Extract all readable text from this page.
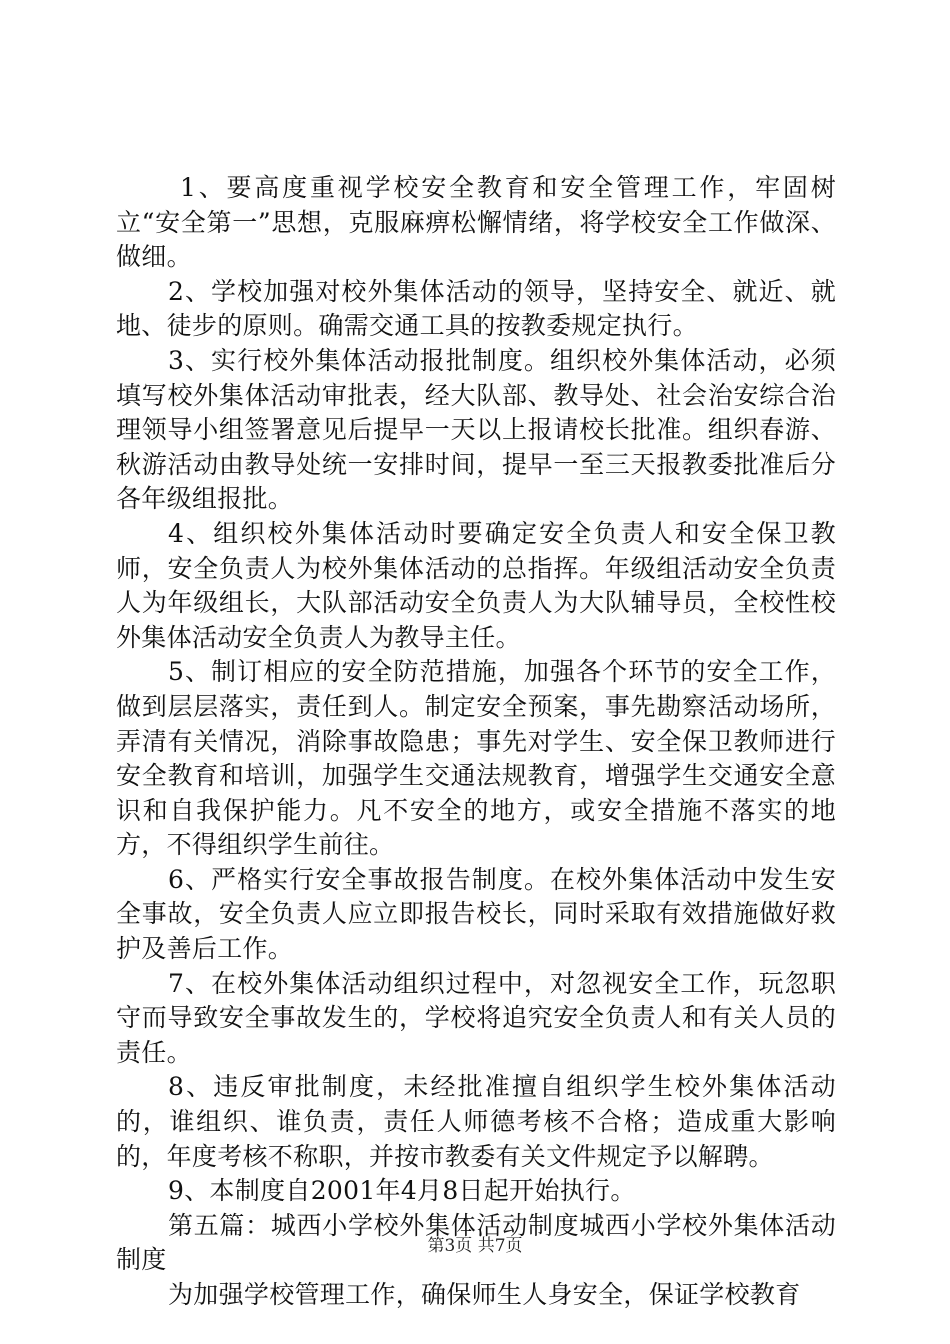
1、要高度重视学校安全教育和安全管理工作，牢固树立“安全第一”思想，克服麻痹松懈情绪，将学校安全工作做深、做细。

2、学校加强对校外集体活动的领导，坚持安全、就近、就地、徒步的原则。确需交通工具的按教委规定执行。

3、实行校外集体活动报批制度。组织校外集体活动，必须填写校外集体活动审批表，经大队部、教导处、社会治安综合治理领导小组签署意见后提早一天以上报请校长批准。组织春游、秋游活动由教导处统一安排时间，提早一至三天报教委批准后分各年级组报批。

4、组织校外集体活动时要确定安全负责人和安全保卫教师，安全负责人为校外集体活动的总指挥。年级组活动安全负责人为年级组长，大队部活动安全负责人为大队辅导员，全校性校外集体活动安全负责人为教导主任。

5、制订相应的安全防范措施，加强各个环节的安全工作，做到层层落实，责任到人。制定安全预案，事先勘察活动场所，弄清有关情况，消除事故隐患；事先对学生、安全保卫教师进行安全教育和培训，加强学生交通法规教育，增强学生交通安全意识和自我保护能力。凡不安全的地方，或安全措施不落实的地方，不得组织学生前往。

6、严格实行安全事故报告制度。在校外集体活动中发生安全事故，安全负责人应立即报告校长，同时采取有效措施做好救护及善后工作。

7、在校外集体活动组织过程中，对忽视安全工作，玩忽职守而导致安全事故发生的，学校将追究安全负责人和有关人员的责任。

8、违反审批制度，未经批准擅自组织学生校外集体活动的，谁组织、谁负责，责任人师德考核不合格；造成重大影响的，年度考核不称职，并按市教委有关文件规定予以解聘。

9、本制度自2001年4月8日起开始执行。

第五篇：城西小学校外集体活动制度城西小学校外集体活动制度

为加强学校管理工作，确保师生人身安全，保证学校教育

第3页 共7页
